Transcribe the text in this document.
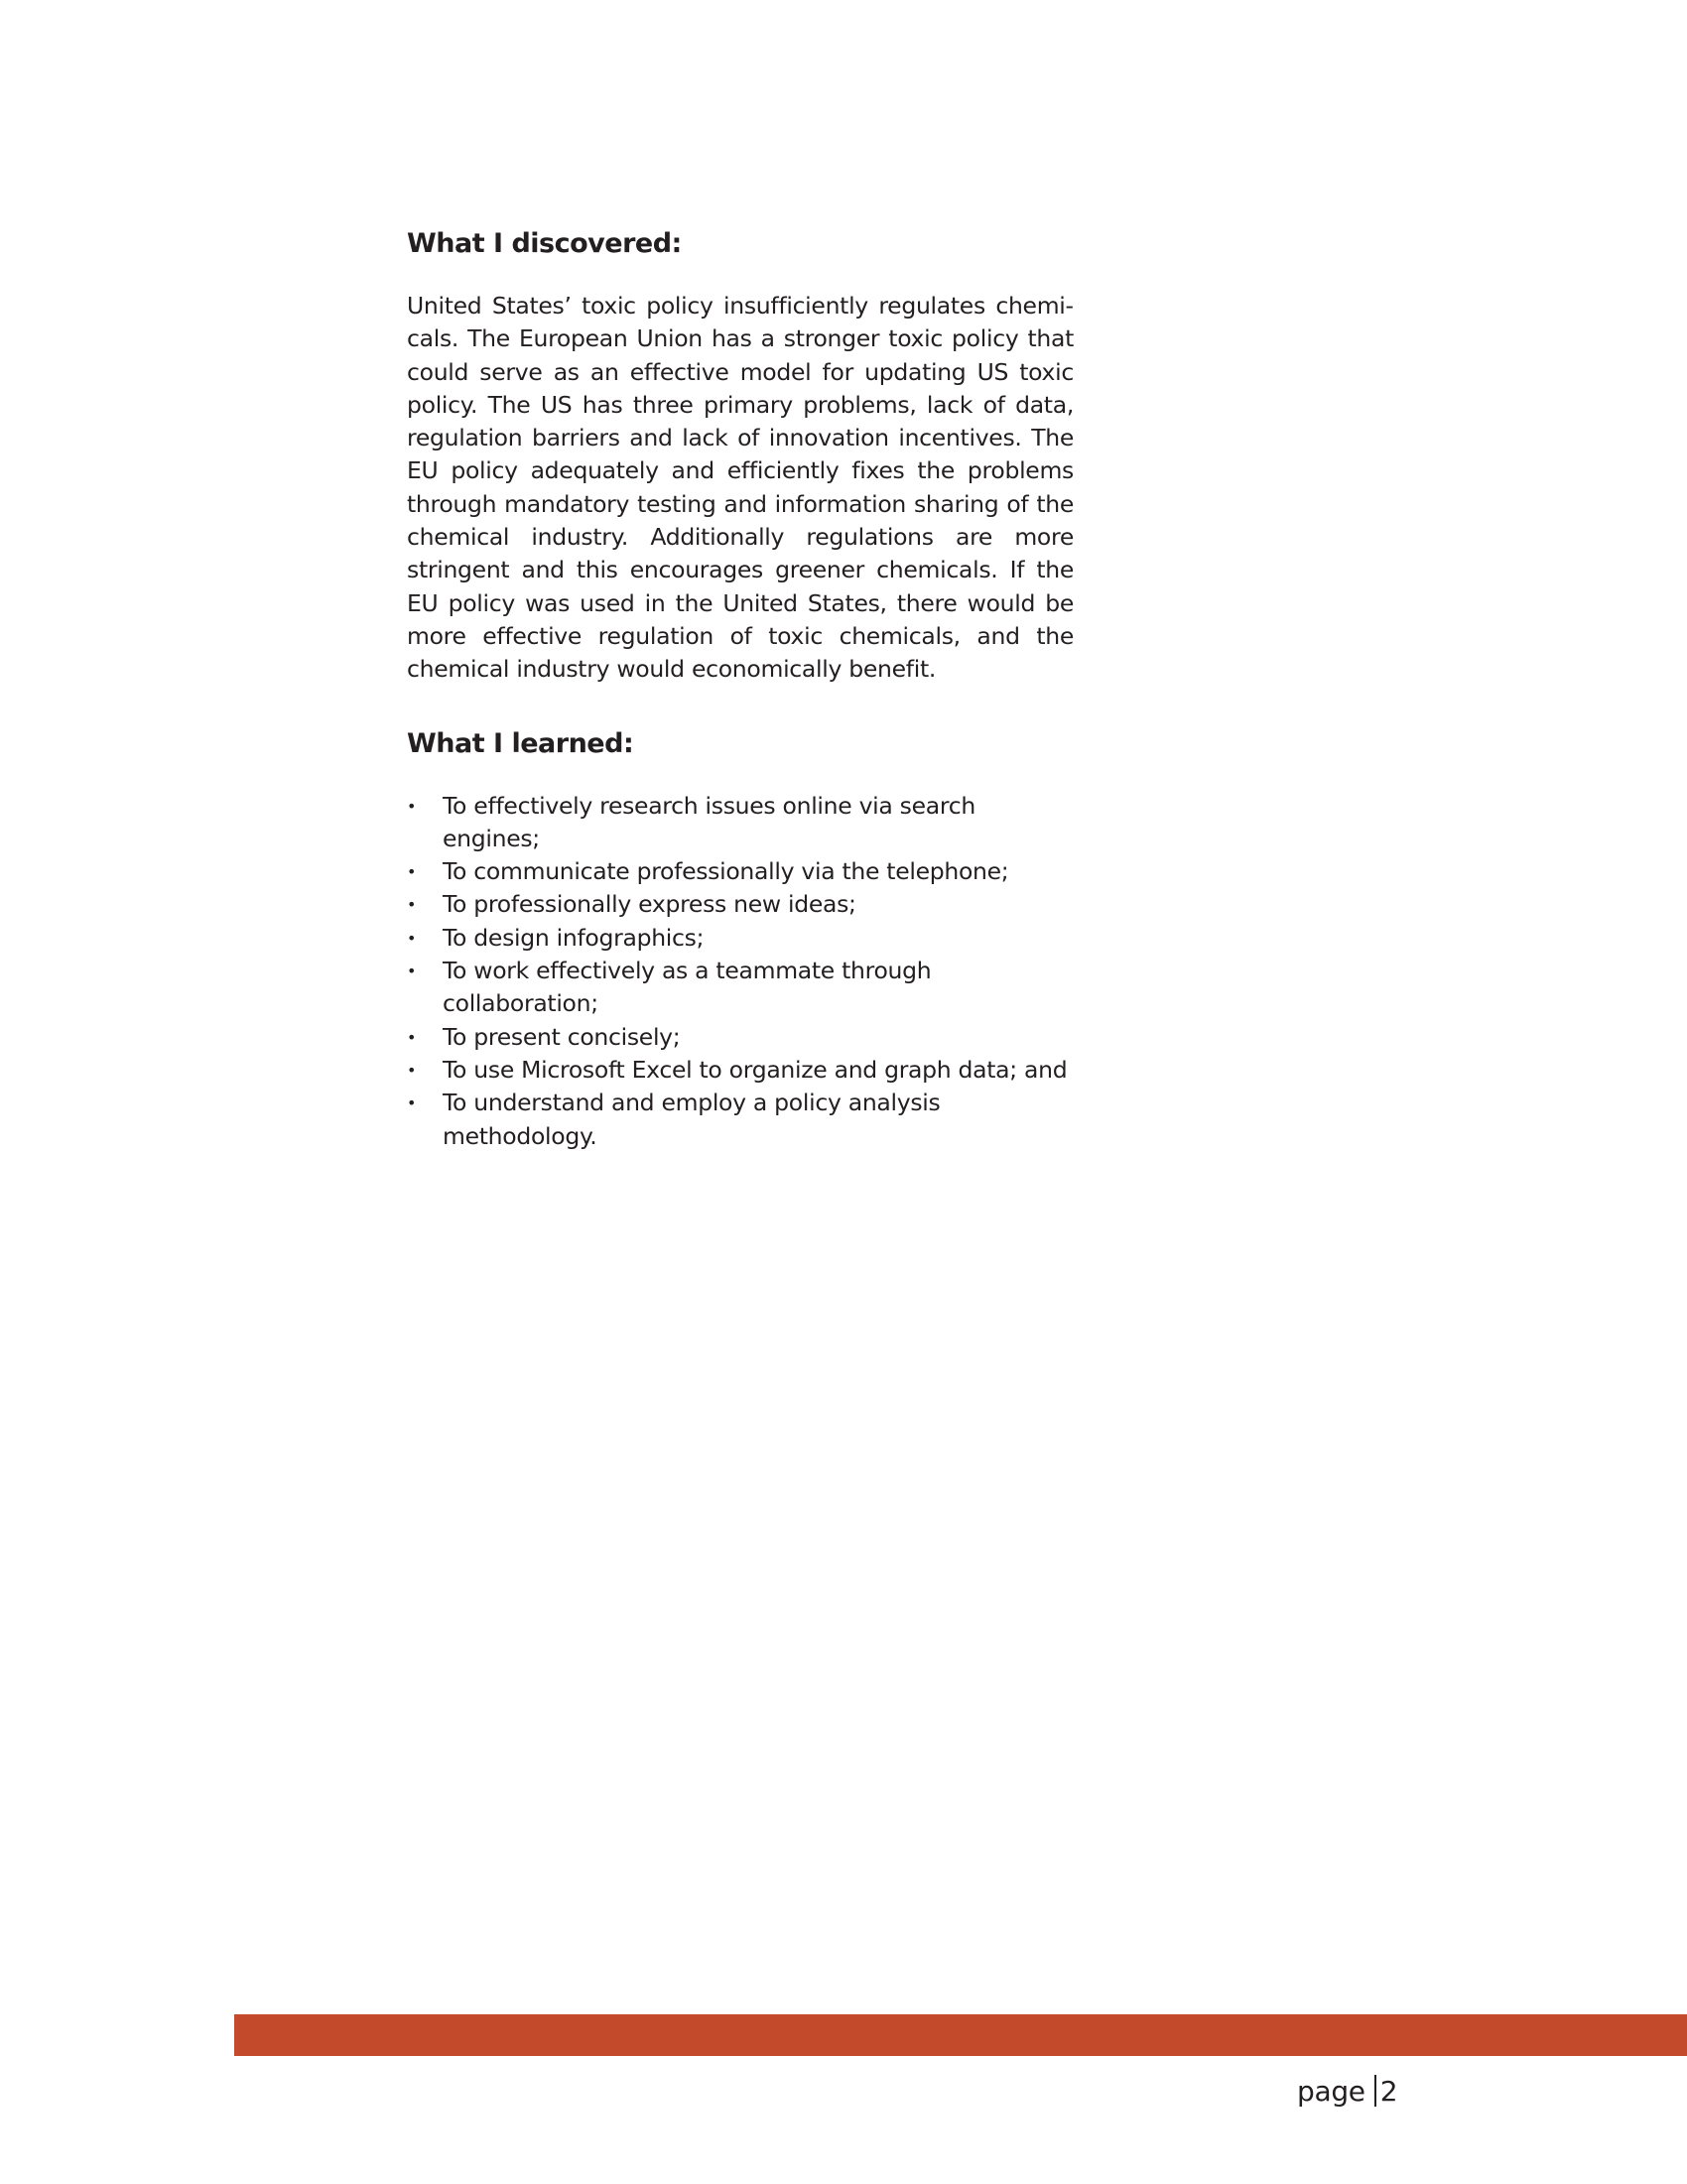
What I discovered:

United States’ toxic policy insufficiently regulates chemicals. The European Union has a stronger toxic policy that could serve as an effective model for updating US toxic policy. The US has three primary problems, lack of data, regulation barriers and lack of innovation incentives. The EU policy adequately and efficiently fixes the problems through mandatory testing and information sharing of the chemical industry. Additionally regulations are more stringent and this encourages greener chemicals. If the EU policy was used in the United States, there would be more effective regulation of toxic chemicals, and the chemical industry would economically benefit.

What I learned:
• To effectively research issues online via search engines;
• To communicate professionally via the telephone;
• To professionally express new ideas;
• To design infographics;
• To work effectively as a teammate through collaboration;
• To present concisely;
• To use Microsoft Excel to organize and graph data; and
• To understand and employ a policy analysis methodology.
page 2
